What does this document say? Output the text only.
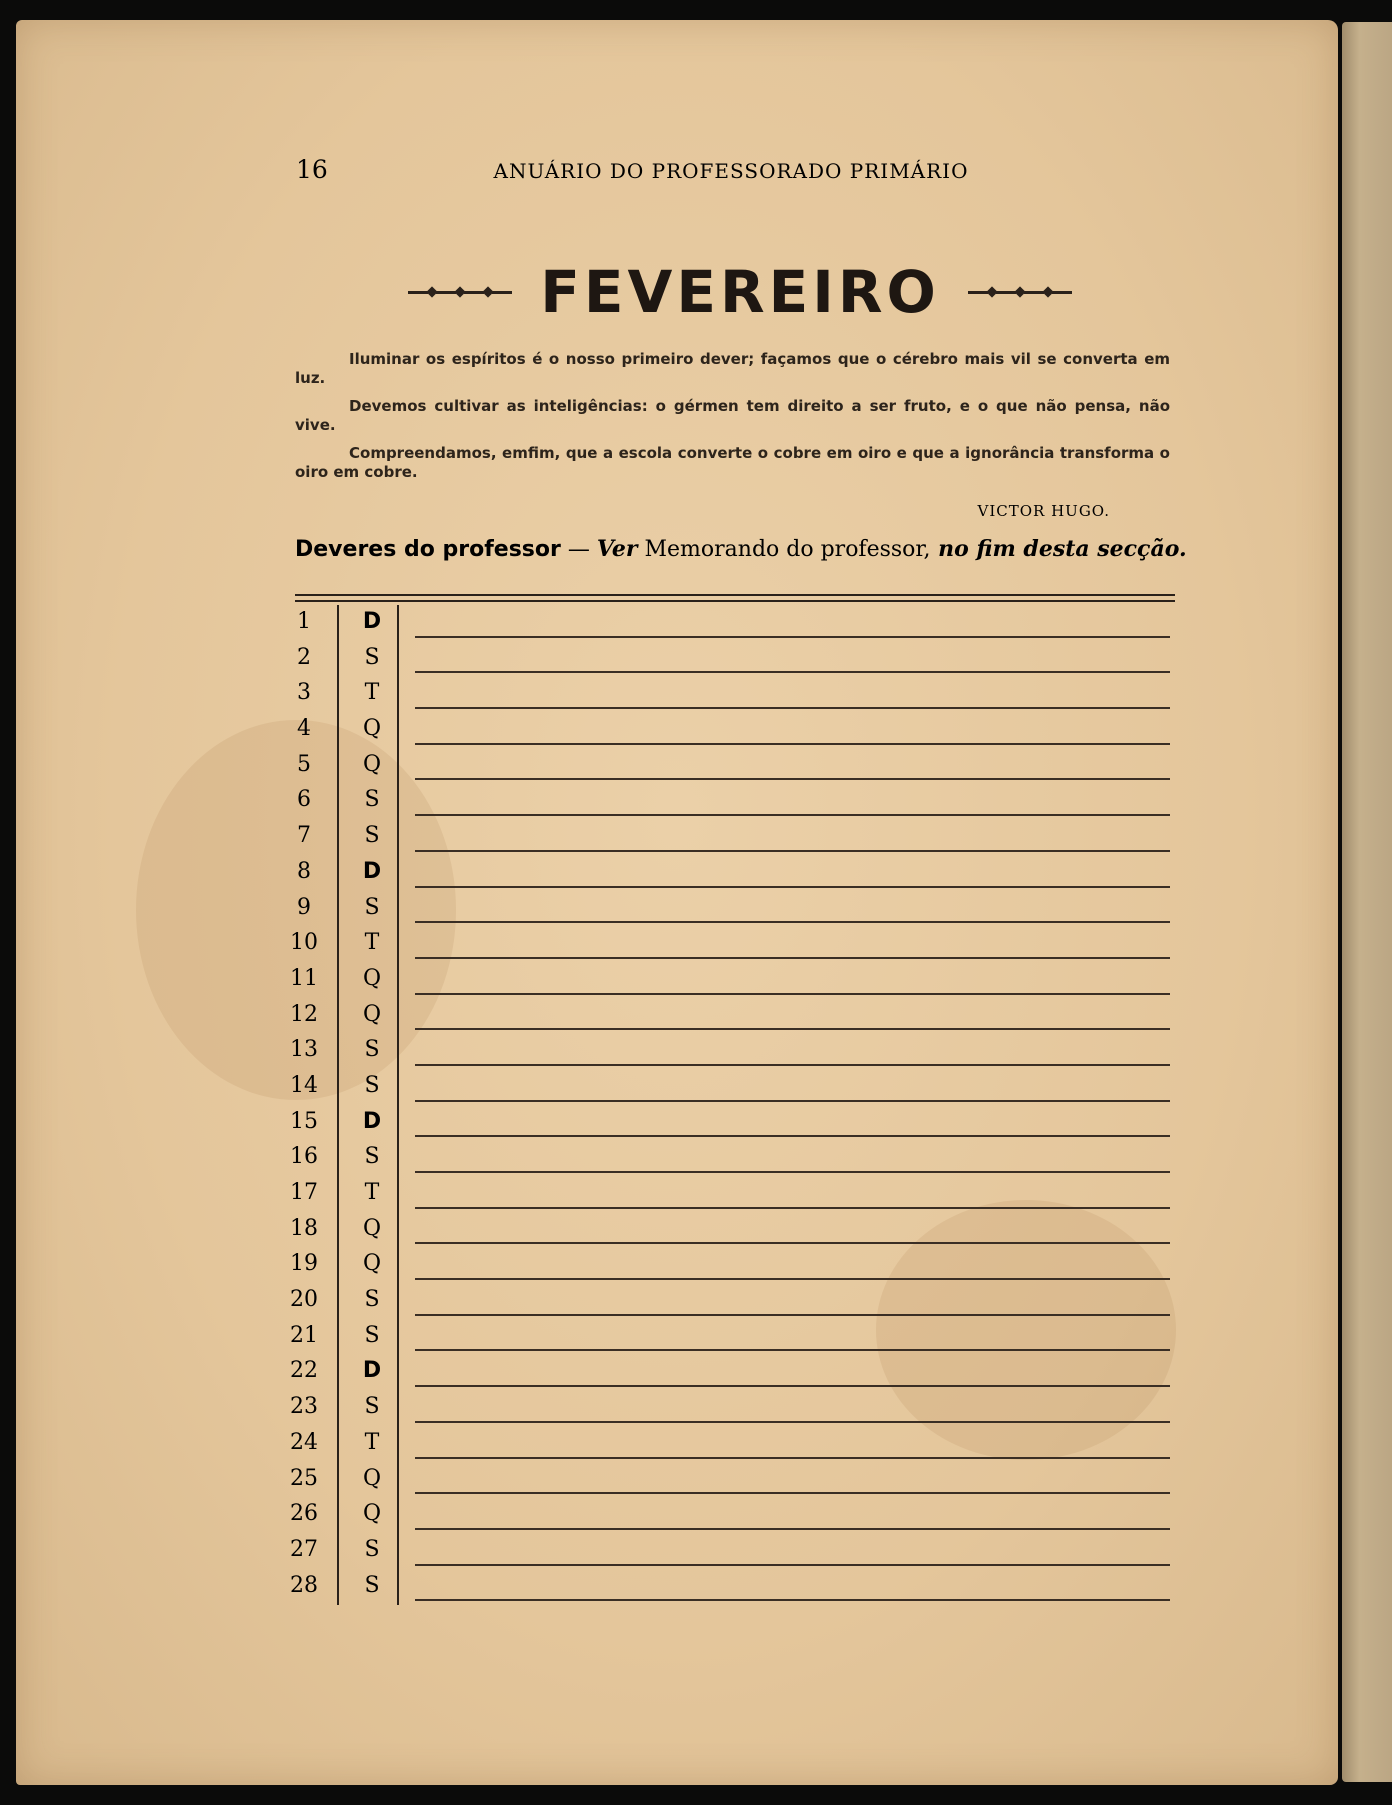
16	ANUÁRIO DO PROFESSORADO PRIMÁRIO
FEVEREIRO

Iluminar os espíritos é o nosso primeiro dever; façamos que o cérebro mais vil se converta em luz.

Devemos cultivar as inteligências: o gérmen tem direito a ser fruto, e o que não pensa, não vive.

Compreendamos, emfim, que a escola converte o cobre em oiro e que a ignorância transforma o oiro em cobre.

VICTOR HUGO.
Deveres do professor — Ver Memorando do professor, no fim desta secção.
1	D
2	S
3	T
4	Q
5	Q
6	S
7	S
8	D
9	S
10	T
11	Q
12	Q
13	S
14	S
15	D
16	S
17	T
18	Q
19	Q
20	S
21	S
22	D
23	S
24	T
25	Q
26	Q
27	S
28	S
